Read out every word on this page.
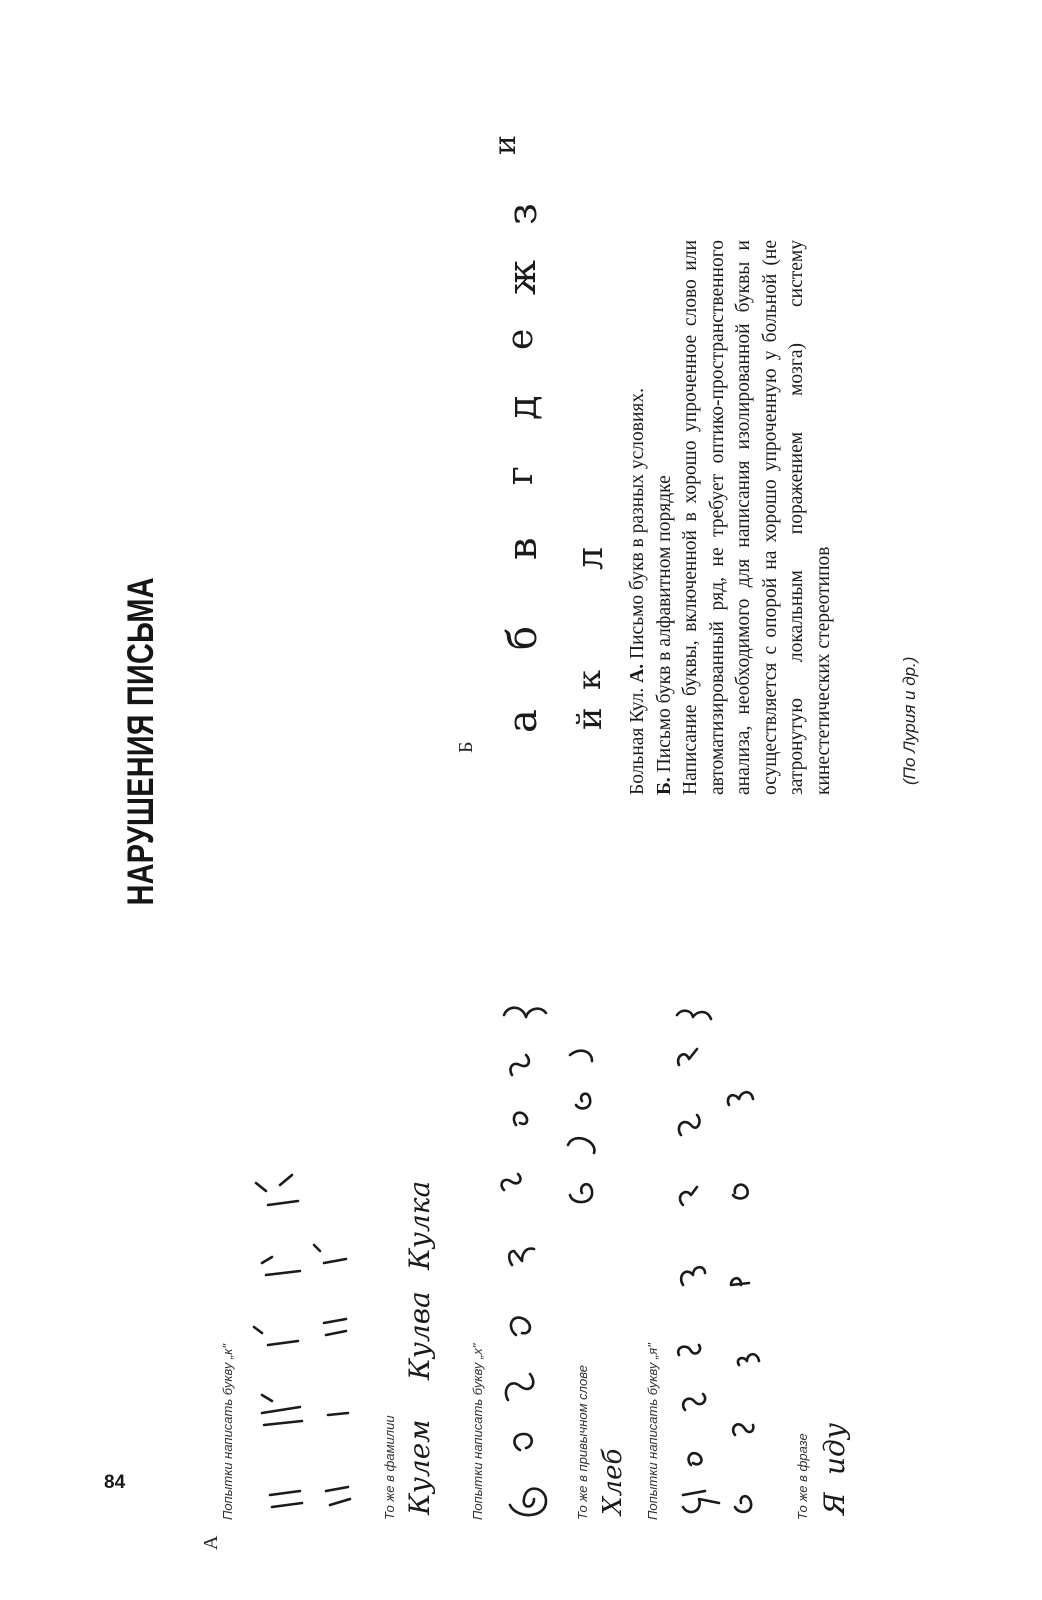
84
НАРУШЕНИЯ ПИСЬМА
А
Попытки написать букву „к"	То же в фамилии Кулем
Кулва
Кулка
Попытки написать букву „х"	То же в привычном слове Хлеб Попытки написать букву „я"	То же в фразе Я
иду
Б
а
б
в
г
д
е
ж
з
и
й
к
л

Больная Кул. А. Письмо букв в разных условиях.

Б. Письмо букв в алфавитном порядке Написание буквы, включенной в хорошо упроченное слово или автоматизированный ряд, не требует оптико-пространственного анализа, необходимого для написания изолированной буквы и осуществляется с опорой на хорошо упроченную у больной (не затронутую локальным поражением мозга) систему кинестетических стереотипов	(По Лурия и др.)
